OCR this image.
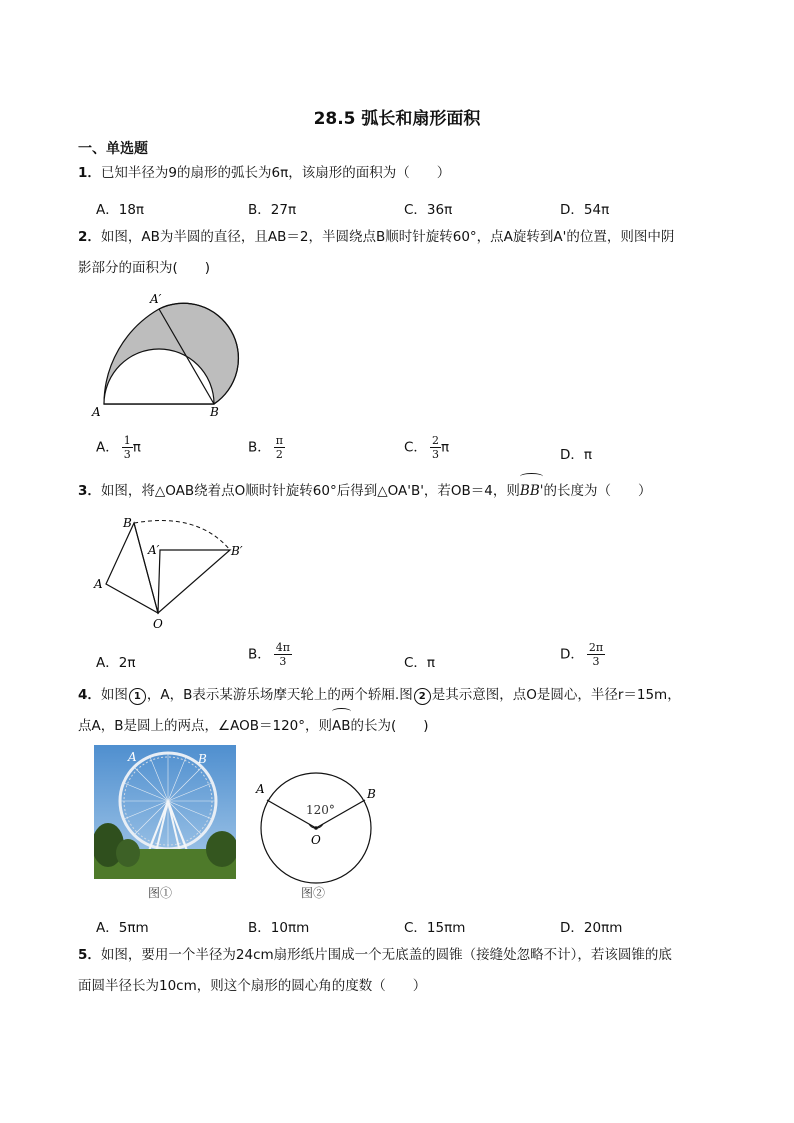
28.5 弧长和扇形面积
一、单选题
1．已知半径为9的扇形的弧长为6π，该扇形的面积为（　　）
A．18π	B．27π	C．36π	D．54π
2．如图，AB为半圆的直径，且AB＝2，半圆绕点B顺时针旋转60°，点A旋转到A'的位置，则图中阴
影部分的面积为(　　)
A	B
A′
A． $\frac{1}{3}$ π	B． $\frac{\pi}{2}$	C． $\frac{2}{3}$ π	D．π
3．如图，将△OAB绕着点O顺时针旋转60°后得到△OA'B'，若OB＝4，则BB'的长度为（　　）
B
A′	B′
A
O
A．2π
B． $\frac{4\pi}{3}$	C．π
D． $\frac{2\pi}{3}$
4．如图 1 ，A，B表示某游乐场摩天轮上的两个轿厢.图 2 是其示意图，点O是圆心，半径r＝15m，
点A，B是圆上的两点，∠AOB＝120°，则AB的长为(　　)
A	B
图①
A	B
O
120°
图②
A．5πm	B．10πm	C．15πm	D．20πm
5．如图，要用一个半径为24cm扇形纸片围成一个无底盖的圆锥（接缝处忽略不计），若该圆锥的底
面圆半径长为10cm，则这个扇形的圆心角的度数（　　）
